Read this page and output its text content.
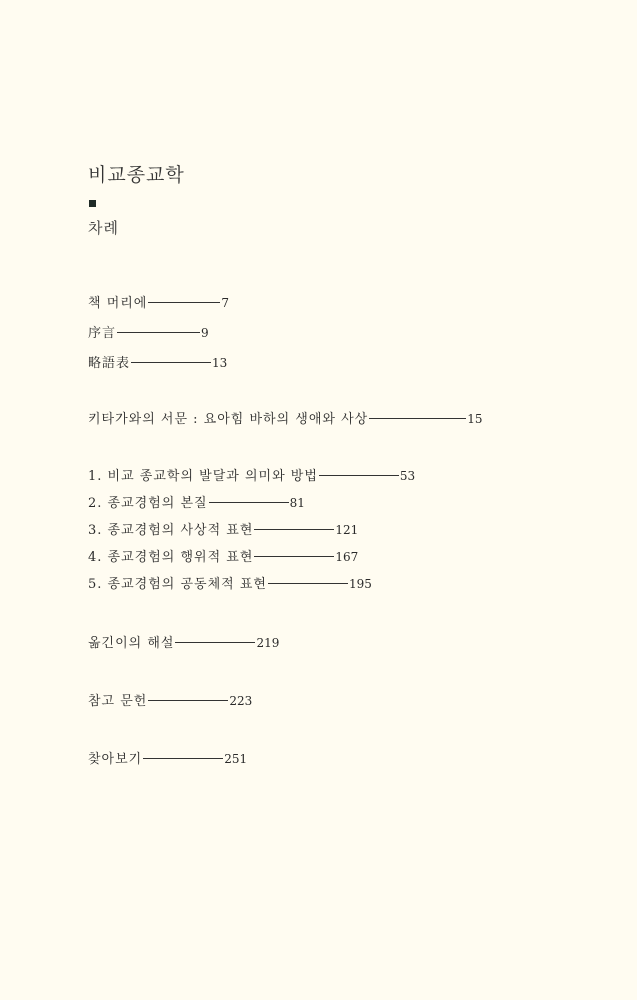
비교종교학
차례
책 머리에	7
序言	9
略語表	13
키타가와의 서문 : 요아힘 바하의 생애와 사상	15
1. 비교 종교학의 발달과 의미와 방법	53
2. 종교경험의 본질	81
3. 종교경험의 사상적 표현	121
4. 종교경험의 행위적 표현	167
5. 종교경험의 공동체적 표현	195
옮긴이의 해설	219
참고 문헌	223
찾아보기	251
